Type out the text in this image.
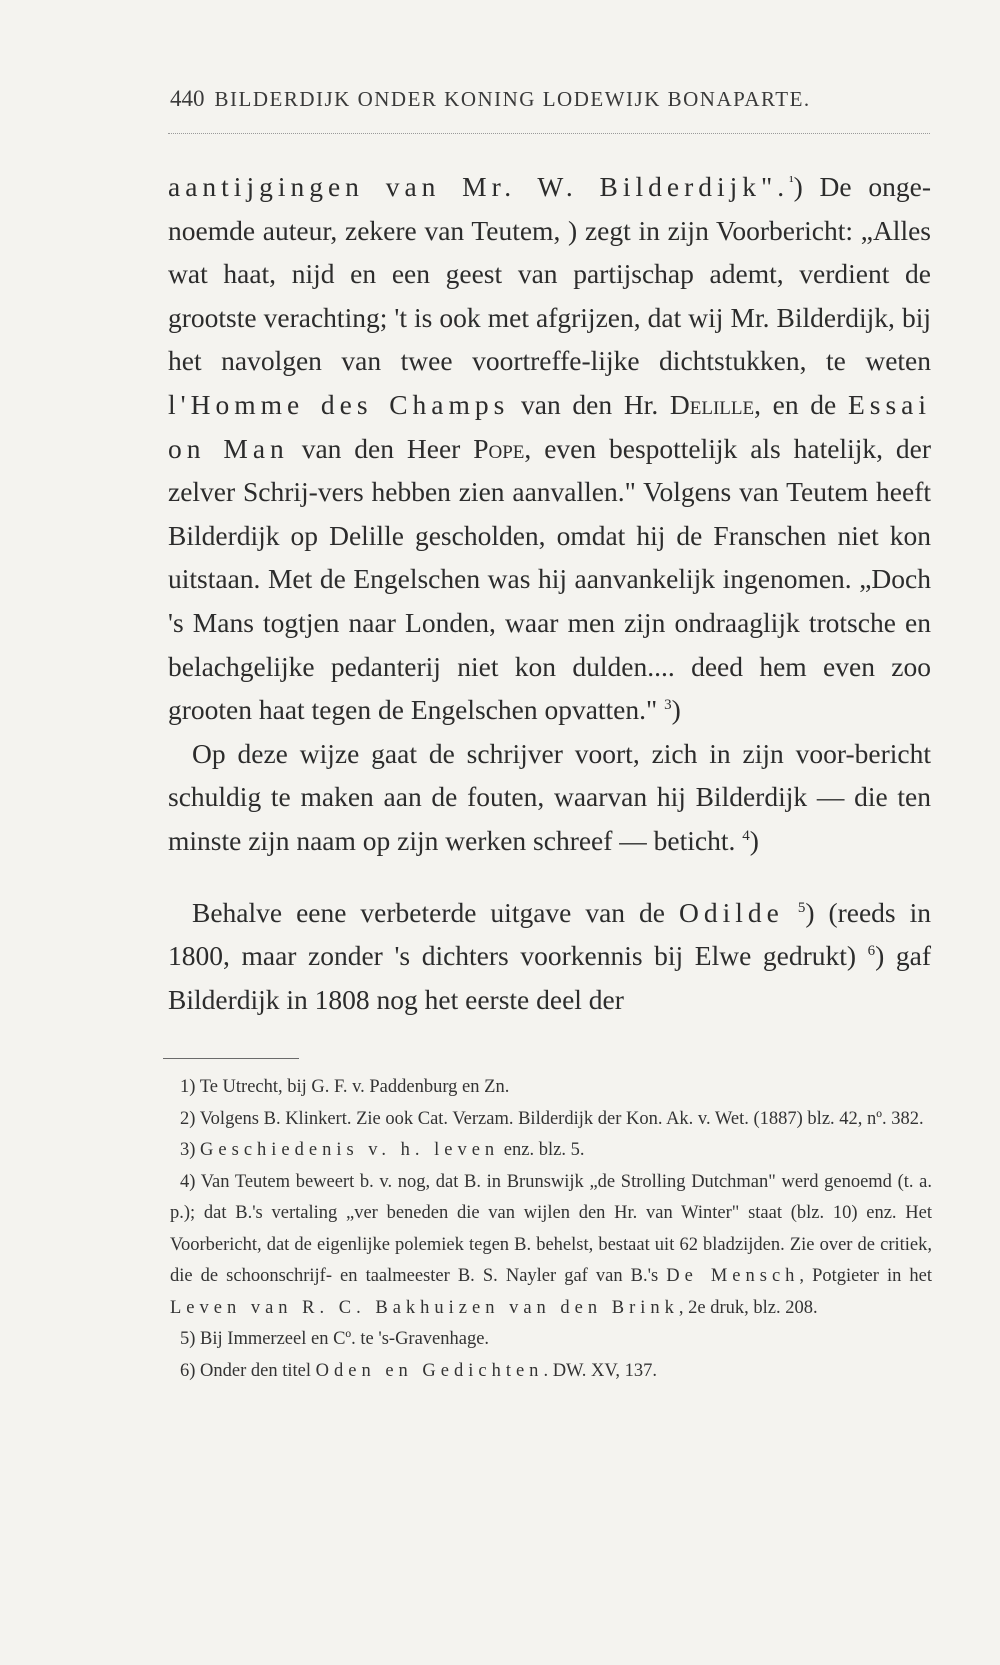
440 BILDERDIJK ONDER KONING LODEWIJK BONAPARTE.

aantijgingen van Mr. W. Bilderdijk".$^{^1}$) De onge-noemde auteur, zekere van Teutem, ) zegt in zijn Voorbericht: „Alles wat haat, nijd en een geest van partijschap ademt, verdient de grootste verachting; 't is ook met afgrijzen, dat wij Mr. Bilderdijk, bij het navolgen van twee voortreffe-lijke dichtstukken, te weten l'Homme des Champs van den Hr. Delille, en de Essai on Man van den Heer Pope, even bespottelijk als hatelijk, der zelver Schrij-vers hebben zien aanvallen." Volgens van Teutem heeft Bilderdijk op Delille gescholden, omdat hij de Franschen niet kon uitstaan. Met de Engelschen was hij aanvankelijk ingenomen. „Doch 's Mans togtjen naar Londen, waar men zijn ondraaglijk trotsche en belachgelijke pedanterij niet kon dulden.... deed hem even zoo grooten haat tegen de Engelschen opvatten." $^3$)

Op deze wijze gaat de schrijver voort, zich in zijn voor-bericht schuldig te maken aan de fouten, waarvan hij Bilderdijk — die ten minste zijn naam op zijn werken schreef — beticht. $^4$)

Behalve eene verbeterde uitgave van de Odilde $^5$) (reeds in 1800, maar zonder 's dichters voorkennis bij Elwe gedrukt) $^6$) gaf Bilderdijk in 1808 nog het eerste deel der

1) Te Utrecht, bij G. F. v. Paddenburg en Zn.

2) Volgens B. Klinkert. Zie ook Cat. Verzam. Bilderdijk der Kon. Ak. v. Wet. (1887) blz. 42, nº. 382.

3) Geschiedenis v. h. leven enz. blz. 5.

4) Van Teutem beweert b. v. nog, dat B. in Brunswijk „de Strolling Dutchman" werd genoemd (t. a. p.); dat B.'s vertaling „ver beneden die van wijlen den Hr. van Winter" staat (blz. 10) enz. Het Voorbericht, dat de eigenlijke polemiek tegen B. behelst, bestaat uit 62 bladzijden. Zie over de critiek, die de schoonschrijf- en taalmeester B. S. Nayler gaf van B.'s De Mensch, Potgieter in het Leven van R. C. Bakhuizen van den Brink, 2e druk, blz. 208.

5) Bij Immerzeel en Cº. te 's-Gravenhage.

6) Onder den titel Oden en Gedichten. DW. XV, 137.
